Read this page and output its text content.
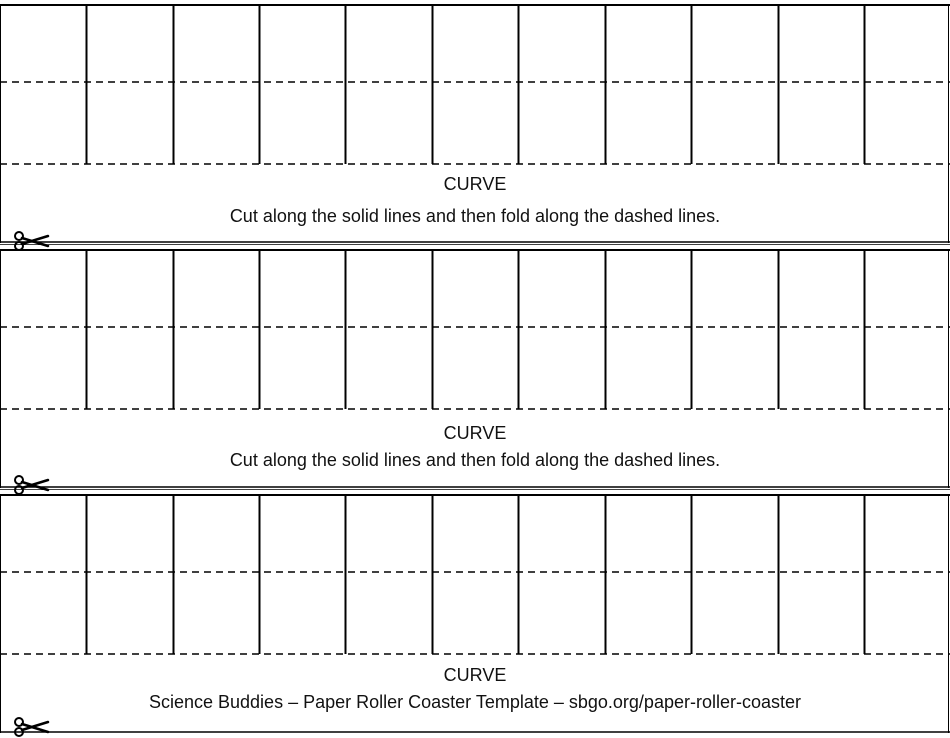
CURVE
Cut along the solid lines and then fold along the dashed lines.
CURVE
Cut along the solid lines and then fold along the dashed lines.
CURVE
Science Buddies – Paper Roller Coaster Template – sbgo.org/paper-roller-coaster
